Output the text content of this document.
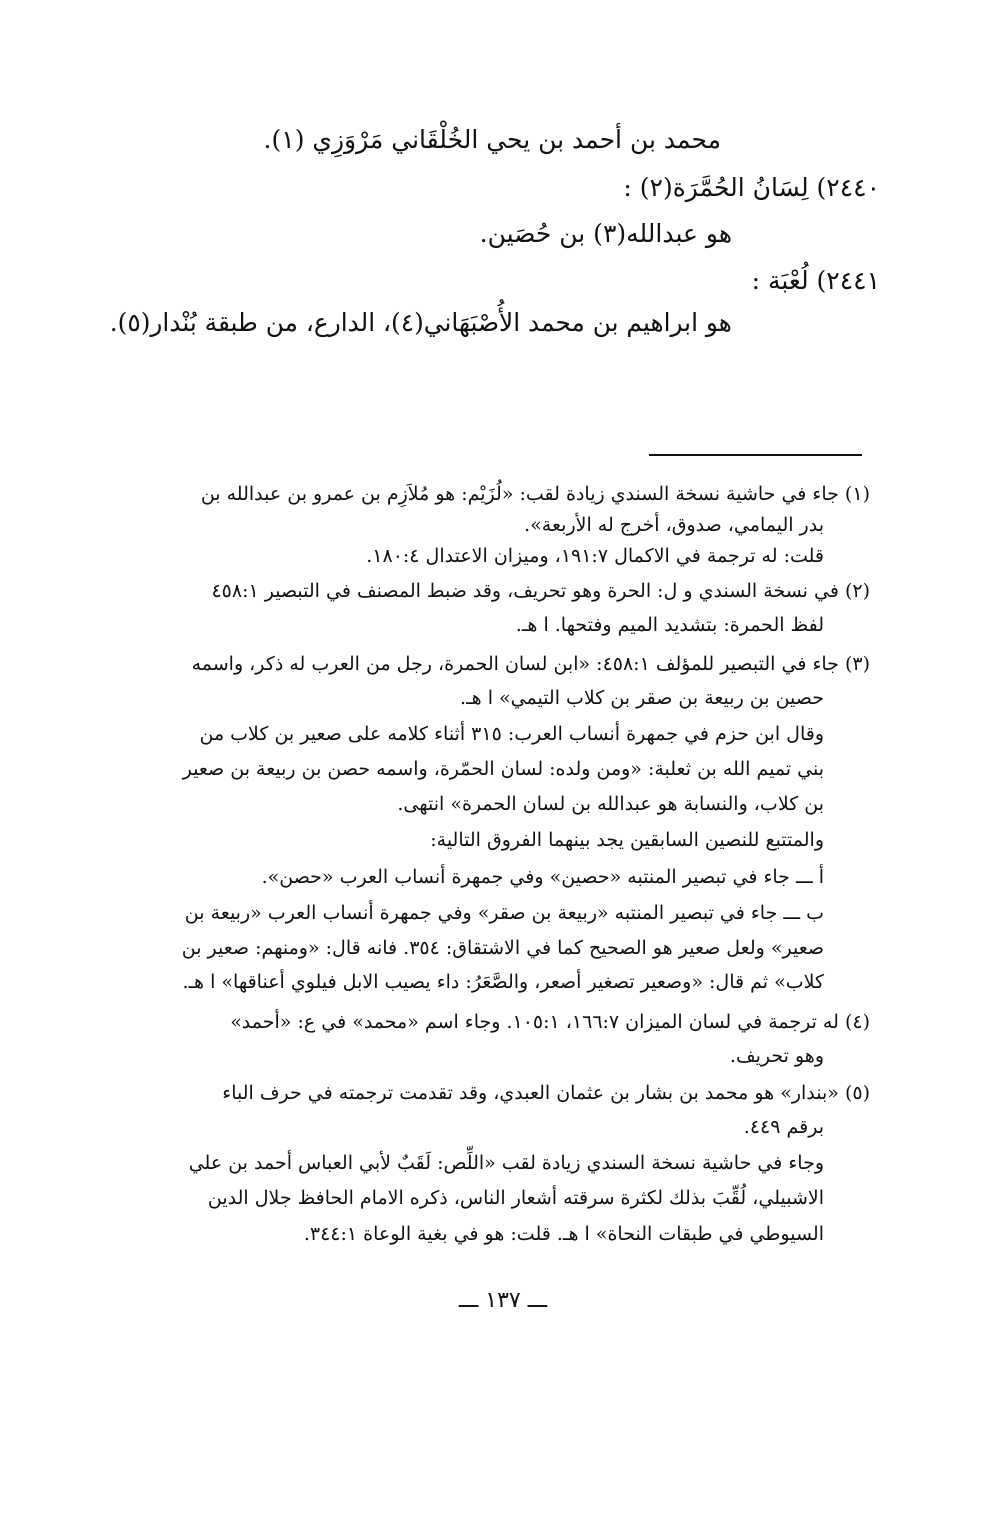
محمد بن أحمد بن يحي الخُلْقَاني مَرْوَزِي (١).
٢٤٤٠) لِسَانُ الحُمَّرَة(٢) :
هو عبدالله(٣) بن حُصَين.
٢٤٤١) لُعْبَة :
هو ابراهيم بن محمد الأُصْبَهَاني(٤)، الدارع، من طبقة بُنْدار(٥).
(١) جاء في حاشية نسخة السندي زيادة لقب: «لُزَيْم: هو مُلاَزِم بن عمرو بن عبدالله بن
بدر اليمامي، صدوق، أخرج له الأربعة».
قلت: له ترجمة في الاكمال ١٩١:٧، وميزان الاعتدال ١٨٠:٤.
(٢) في نسخة السندي و ل: الحرة وهو تحريف، وقد ضبط المصنف في التبصير ٤٥٨:١
لفظ الحمرة: بتشديد الميم وفتحها. ا هـ.
(٣) جاء في التبصير للمؤلف ٤٥٨:١: «ابن لسان الحمرة، رجل من العرب له ذكر، واسمه
حصين بن ربيعة بن صقر بن كلاب التيمي» ا هـ.
وقال ابن حزم في جمهرة أنساب العرب: ٣١٥ أثناء كلامه على صعير بن كلاب من
بني تميم الله بن ثعلبة: «ومن ولده: لسان الحمّرة، واسمه حصن بن ربيعة بن صعير
بن كلاب، والنسابة هو عبدالله بن لسان الحمرة» انتهى.
والمتتبع للنصين السابقين يجد بينهما الفروق التالية:
أ ـــ جاء في تبصير المنتبه «حصين» وفي جمهرة أنساب العرب «حصن».
ب ـــ جاء في تبصير المنتبه «ربيعة بن صقر» وفي جمهرة أنساب العرب «ربيعة بن
صعير» ولعل صعير هو الصحيح كما في الاشتقاق: ٣٥٤. فانه قال: «ومنهم: صعير بن
كلاب» ثم قال: «وصعير تصغير أصعر، والصَّعَرُ: داء يصيب الابل فيلوي أعناقها» ا هـ.
(٤) له ترجمة في لسان الميزان ١٦٦:٧، ١٠٥:١. وجاء اسم «محمد» في ع: «أحمد»
وهو تحريف.
(٥) «بندار» هو محمد بن بشار بن عثمان العبدي، وقد تقدمت ترجمته في حرف الباء
برقم ٤٤٩.
وجاء في حاشية نسخة السندي زيادة لقب «اللِّص: لَقَبٌ لأبي العباس أحمد بن علي
الاشبيلي، لُقِّبَ بذلك لكثرة سرقته أشعار الناس، ذكره الامام الحافظ جلال الدين
السيوطي في طبقات النحاة» ا هـ. قلت: هو في بغية الوعاة ٣٤٤:١.
ـــ ١٣٧ ـــ
